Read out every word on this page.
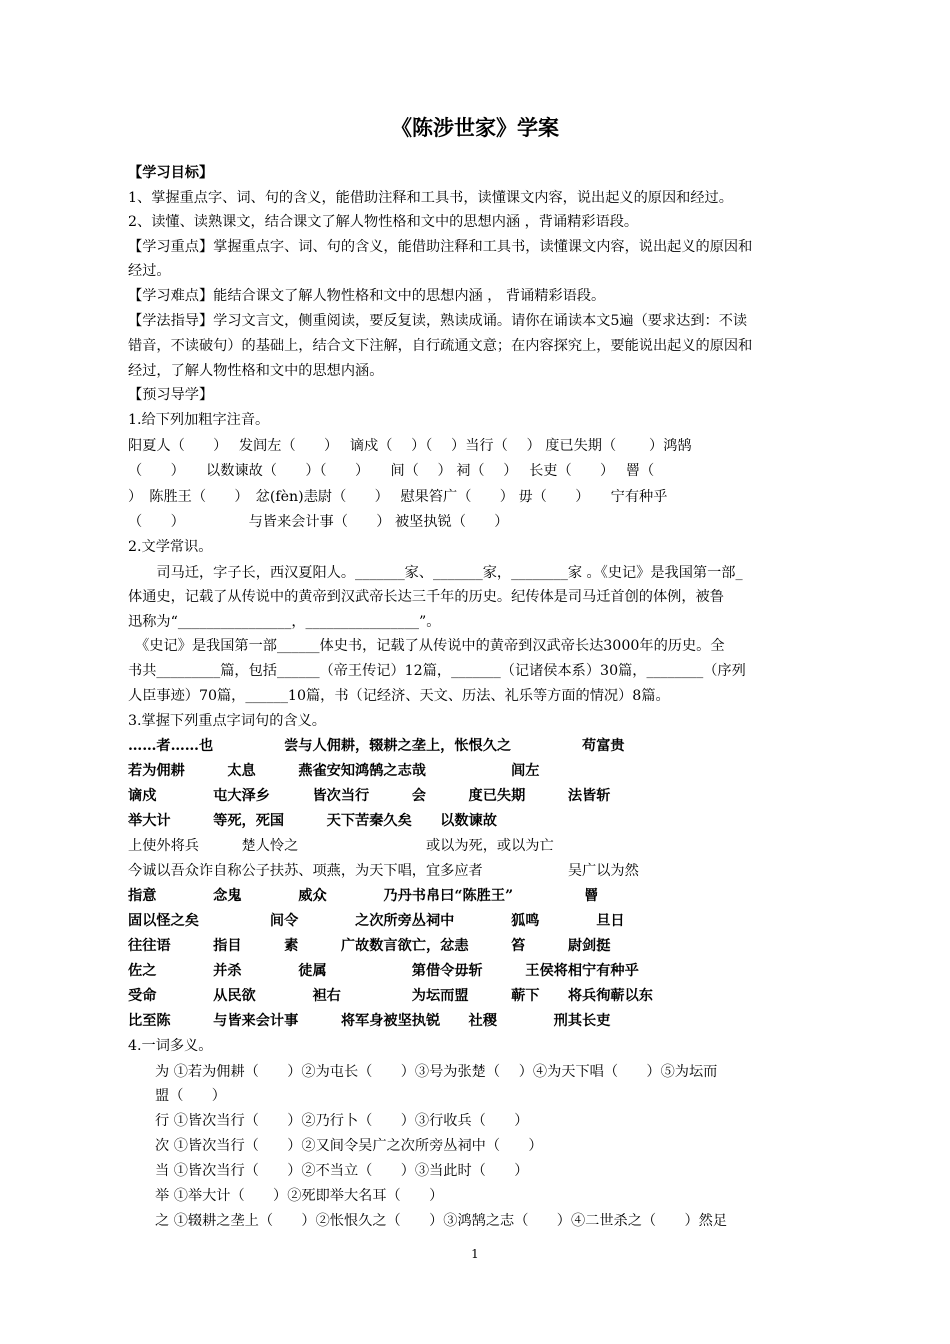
《陈涉世家》学案
【学习目标】
1、掌握重点字、词、句的含义，能借助注释和工具书，读懂课文内容，说出起义的原因和经过。
2、读懂、读熟课文，结合课文了解人物性格和文中的思想内涵 ，背诵精彩语段。
【学习重点】掌握重点字、词、句的含义，能借助注释和工具书，读懂课文内容，说出起义的原因和
经过。
【学习难点】能结合课文了解人物性格和文中的思想内涵 ， 背诵精彩语段。
【学法指导】学习文言文，侧重阅读，要反复读，熟读成诵。请你在诵读本文5遍（要求达到：不读
错音，不读破句）的基础上，结合文下注解，自行疏通文意；在内容探究上，要能说出起义的原因和
经过，了解人物性格和文中的思想内涵。
【预习导学】
1.给下列加粗字注音。
阳夏人（　　）　 发闾左（　　）　 谪戍（　 ）（　 ）当行（　 ） 度已失期（　　 ）鸿鹄
（　　）　　以数谏故（　　）（　　）　　间（　 ） 祠（　 ）　 长吏（　　）　 罾（
）　陈胜王（　　）　忿(fèn)恚尉（　　）　 慰果笞广（　　） 毋（　　）　　宁有种乎
（　　）　　　　　与皆来会计事（　　） 被坚执锐（　　）
2.文学常识。
　　司马迁，字子长，西汉夏阳人。_______家、_______家，________家 。《史记》是我国第一部_
体通史，记载了从传说中的黄帝到汉武帝长达三千年的历史。纪传体是司马迁首创的体例，被鲁
迅称为“________________，________________”。
　《史记》是我国第一部______体史书，记载了从传说中的黄帝到汉武帝长达3000年的历史。全
书共_________篇，包括______（帝王传记）12篇，_______（记诸侯本系）30篇，________（序列
人臣事迹）70篇，______10篇，书（记经济、天文、历法、礼乐等方面的情况）8篇。
3.掌握下列重点字词句的含义。
……者……也　　　　　尝与人佣耕，辍耕之垄上，怅恨久之　　　　　苟富贵
若为佣耕　　　太息　　　燕雀安知鸿鹄之志哉　　　　　　闾左
谪戍　　　　屯大泽乡　　　皆次当行　　　会　　　度已失期　　　法皆斩
举大计　　　等死，死国　　　天下苦秦久矣　　以数谏故
上使外将兵　　　楚人怜之　　　　　　　　　或以为死，或以为亡
今诚以吾众诈自称公子扶苏、项燕，为天下唱，宜多应者　　　　　　吴广以为然
指意　　　　念鬼　　　　威众　　　　乃丹书帛曰“陈胜王”　　　　　罾
固以怪之矣　　　　　间令　　　　之次所旁丛祠中　　　　狐鸣　　　　旦日
往往语　　　指目　　　素　　　广故数言欲亡，忿恚　　　笞　　　尉剑挺
佐之　　　　并杀　　　　徒属　　　　　　第借令毋斩　　　王侯将相宁有种乎
受命　　　　从民欲　　　　袒右　　　　　为坛而盟　　　蕲下　　将兵徇蕲以东
比至陈　　　与皆来会计事　　　将军身被坚执锐　　社稷　　　　刑其长吏
4.一词多义。
为 ①若为佣耕（　　）②为屯长（　　）③号为张楚（　 ）④为天下唱（　　）⑤为坛而
盟（　　）
行 ①皆次当行（　　）②乃行卜（　　）③行收兵（　　）
次 ①皆次当行（　　）②又间令吴广之次所旁丛祠中（　　）
当 ①皆次当行（　　）②不当立（　　）③当此时（　　）
举 ①举大计（　　）②死即举大名耳（　　）
之 ①辍耕之垄上（　　）②怅恨久之（　　）③鸿鹄之志（　　）④二世杀之（　　）然足
1
